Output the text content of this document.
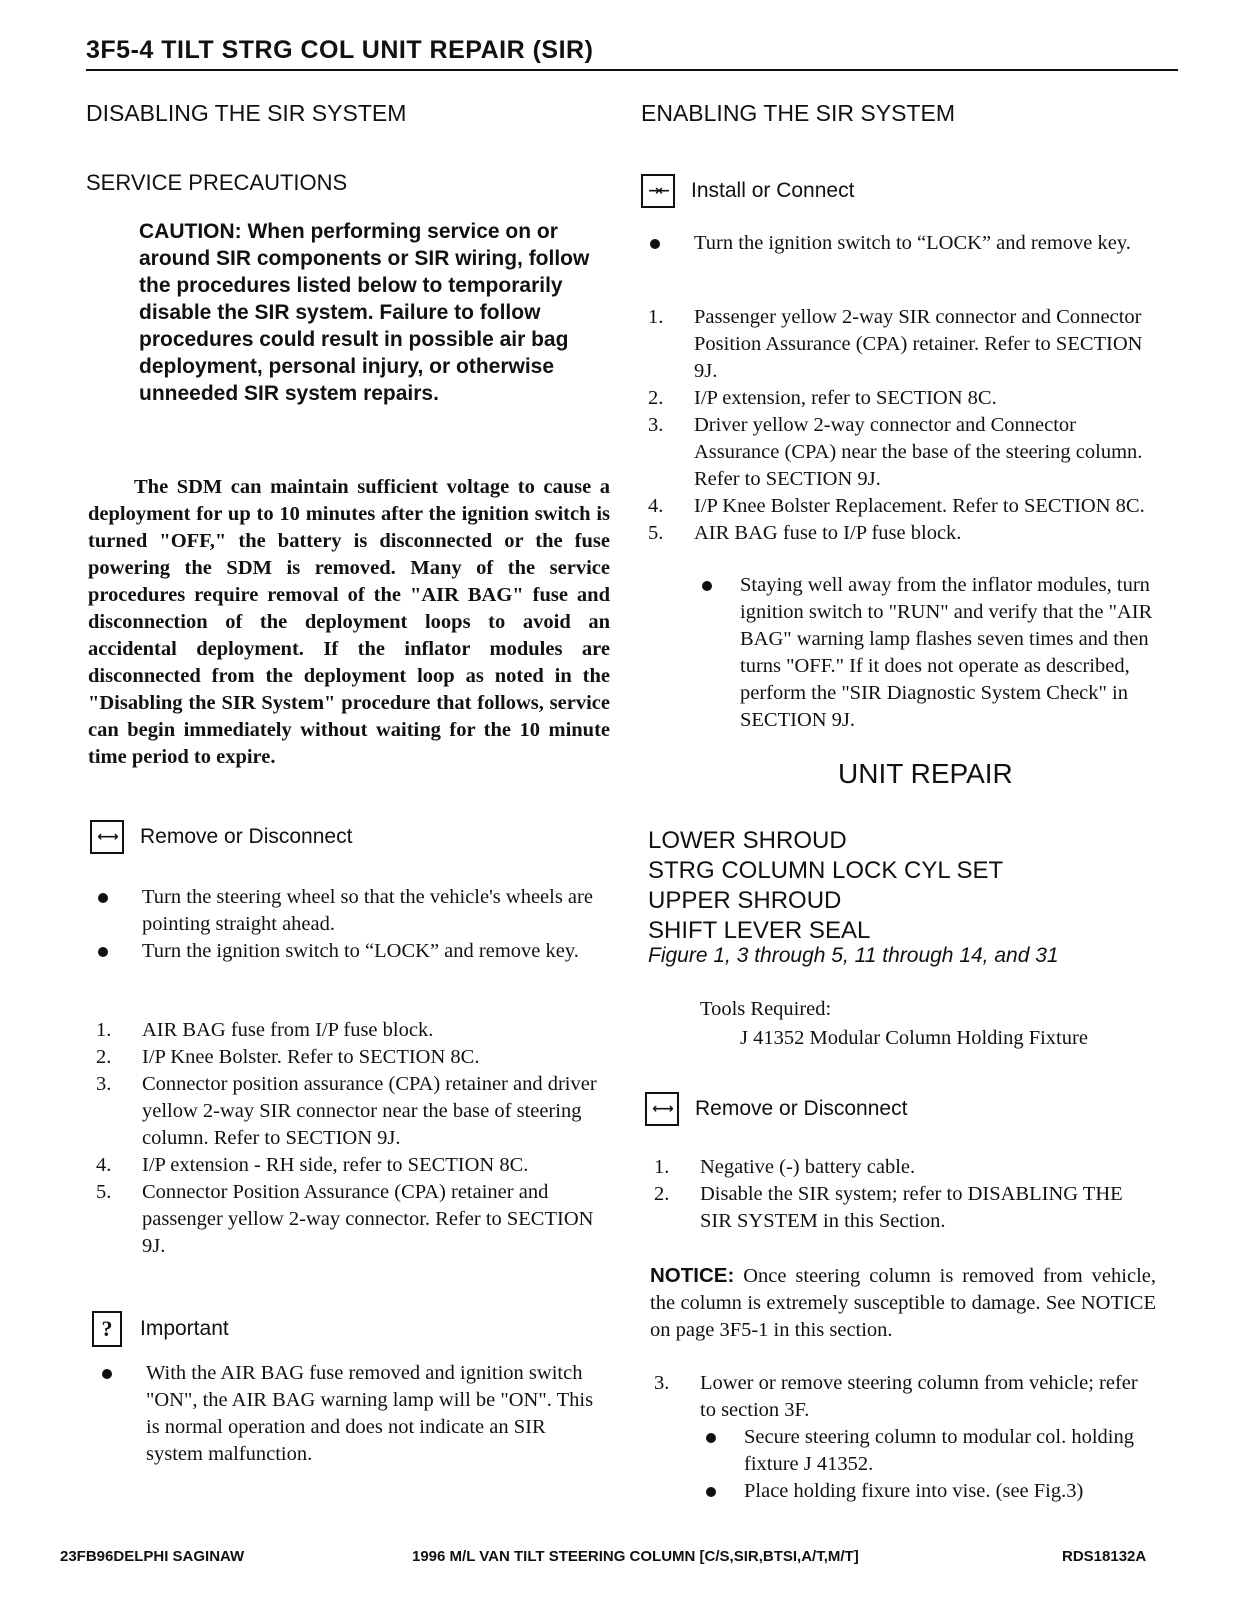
3F5-4 TILT STRG COL UNIT REPAIR (SIR)
DISABLING THE SIR SYSTEM
SERVICE PRECAUTIONS

CAUTION: When performing service on or around SIR components or SIR wiring, follow the procedures listed below to temporarily disable the SIR system. Failure to follow procedures could result in possible air bag deployment, personal injury, or otherwise unneeded SIR system repairs.

The SDM can maintain sufficient voltage to cause a deployment for up to 10 minutes after the ignition switch is turned "OFF," the battery is disconnected or the fuse powering the SDM is removed. Many of the service procedures require removal of the "AIR BAG" fuse and disconnection of the deployment loops to avoid an accidental deployment. If the inflator modules are disconnected from the deployment loop as noted in the "Disabling the SIR System" procedure that follows, service can begin immediately without waiting for the 10 minute time period to expire.

←→	Remove or Disconnect
Turn the steering wheel so that the vehicle's wheels are pointing straight ahead.
Turn the ignition switch to “LOCK” and remove key.
1. AIR BAG fuse from I/P fuse block.
2. I/P Knee Bolster. Refer to SECTION 8C.
3. Connector position assurance (CPA) retainer and driver yellow 2-way SIR connector near the base of steering column. Refer to SECTION 9J.
4. I/P extension - RH side, refer to SECTION 8C.
5. Connector Position Assurance (CPA) retainer and passenger yellow 2-way connector. Refer to SECTION 9J.
?	Important
With the AIR BAG fuse removed and ignition switch "ON", the AIR BAG warning lamp will be "ON". This is normal operation and does not indicate an SIR system malfunction.
ENABLING THE SIR SYSTEM
→←	Install or Connect
Turn the ignition switch to “LOCK” and remove key.
1. Passenger yellow 2-way SIR connector and Connector Position Assurance (CPA) retainer. Refer to SECTION 9J.
2. I/P extension, refer to SECTION 8C.
3. Driver yellow 2-way connector and Connector Assurance (CPA) near the base of the steering column. Refer to SECTION 9J.
4. I/P Knee Bolster Replacement. Refer to SECTION 8C.
5. AIR BAG fuse to I/P fuse block.
Staying well away from the inflator modules, turn ignition switch to "RUN" and verify that the "AIR BAG" warning lamp flashes seven times and then turns "OFF." If it does not operate as described, perform the "SIR Diagnostic System Check" in SECTION 9J.
UNIT REPAIR
LOWER SHROUD
STRG COLUMN LOCK CYL SET
UPPER SHROUD
SHIFT LEVER SEAL
Figure 1, 3 through 5, 11 through 14, and 31
Tools Required:
J 41352 Modular Column Holding Fixture
←→	Remove or Disconnect
1. Negative (-) battery cable.
2. Disable the SIR system; refer to DISABLING THE SIR SYSTEM in this Section.

NOTICE: Once steering column is removed from vehicle, the column is extremely susceptible to damage. See NOTICE on page 3F5-1 in this section.

3. Lower or remove steering column from vehicle; refer to section 3F.
Secure steering column to modular col. holding fixture J 41352.
Place holding fixure into vise. (see Fig.3)
23FB96DELPHI SAGINAW	1996 M/L VAN TILT STEERING COLUMN [C/S,SIR,BTSI,A/T,M/T]	RDS18132A
